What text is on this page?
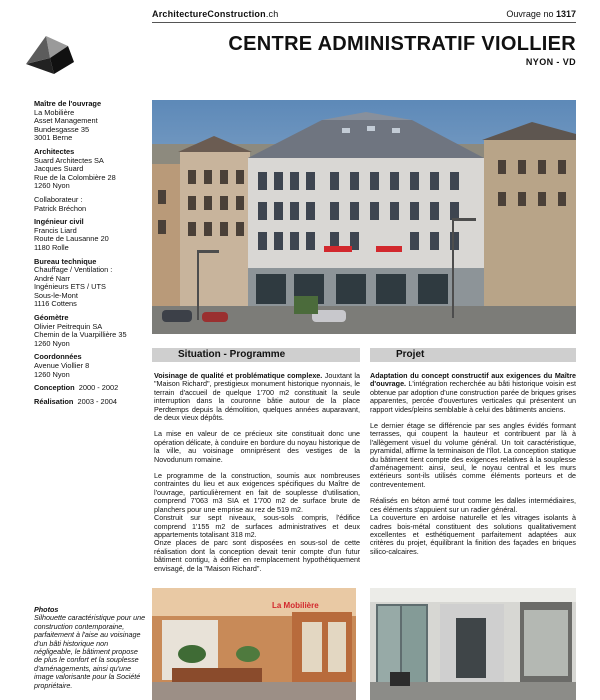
ArchitectureConstruction.ch	Ouvrage no 1317
CENTRE ADMINISTRATIF VIOLLIER
NYON - VD
Maître de l'ouvrage
La Mobilière
Asset Management
Bundesgasse 35
3001 Berne
Architectes
Suard Architectes SA
Jacques Suard
Rue de la Colombière 28
1260 Nyon
Collaborateur :
Patrick Bréchon
Ingénieur civil
Francis Liard
Route de Lausanne 20
1180 Rolle
Bureau technique
Chauffage / Ventilation :
André Narr
Ingénieurs ETS / UTS
Sous-le-Mont
1116 Cottens
Géomètre
Olivier Peitrequin SA
Chemin de la Vuarpillière 35
1260 Nyon
Coordonnées
Avenue Viollier 8
1260 Nyon
Conception 2000 - 2002
Réalisation 2003 - 2004
Situation - Programme	Projet

Voisinage de qualité et problématique complexe. Jouxtant la "Maison Richard", prestigieux monument historique nyonnais, le terrain d'accueil de quelque 1'700 m2 constituait la seule interruption dans la couronne bâtie autour de la place Perdtemps depuis la démolition, quelques années auparavant, de deux vieux dépôts.

La mise en valeur de ce précieux site constituait donc une opération délicate, à conduire en bordure du noyau historique de la ville, au voisinage omniprésent des vestiges de la Novodunum romaine.

Le programme de la construction, soumis aux nombreuses contraintes du lieu et aux exigences spécifiques du Maître de l'ouvrage, particulièrement en fait de souplesse d'utilisation, comprend 7'063 m3 SIA et 1'700 m2 de surface brute de planchers pour une emprise au rez de 519 m2.

Construit sur sept niveaux, sous-sols compris, l'édifice comprend 1'155 m2 de surfaces administratives et deux appartements totalisant 318 m2.

Onze places de parc sont disposées en sous-sol de cette réalisation dont la conception devait tenir compte d'un futur bâtiment contigu, à édifier en remplacement hypothétiquement envisagé, de la "Maison Richard".

Adaptation du concept constructif aux exigences du Maître d'ouvrage. L'intégration recherchée au bâti historique voisin est obtenue par adoption d'une construction parée de briques grises apparentes, percée d'ouvertures verticales qui présentent un rapport vides/pleins semblable à celui des bâtiments anciens.

Le dernier étage se différencie par ses angles évidés formant terrasses, qui coupent la hauteur et contribuent par là à l'allègement visuel du volume général. Un toit caractéristique, pyramidal, affirme la terminaison de l'îlot. La conception statique du bâtiment tient compte des exigences relatives à la souplesse d'aménagement: ainsi, seul, le noyau central et les murs extérieurs sont-ils utilisés comme éléments porteurs et de contreventement.

Réalisés en béton armé tout comme les dalles intermédiaires, ces éléments s'appuient sur un radier général.

La couverture en ardoise naturelle et les vitrages isolants à cadres bois-métal constituent des solutions qualitativement excellentes et esthétiquement parfaitement adaptées aux critères du projet, équilibrant la finition des façades en briques silico-calcaires.

Photos
Silhouette caractéristique pour une construction contemporaine, parfaitement à l'aise au voisinage d'un bâti historique non négligeable, le bâtiment propose de plus le confort et la souplesse d'aménagements, ainsi qu'une image valorisante pour la Société propriétaire.
La Mobilière
